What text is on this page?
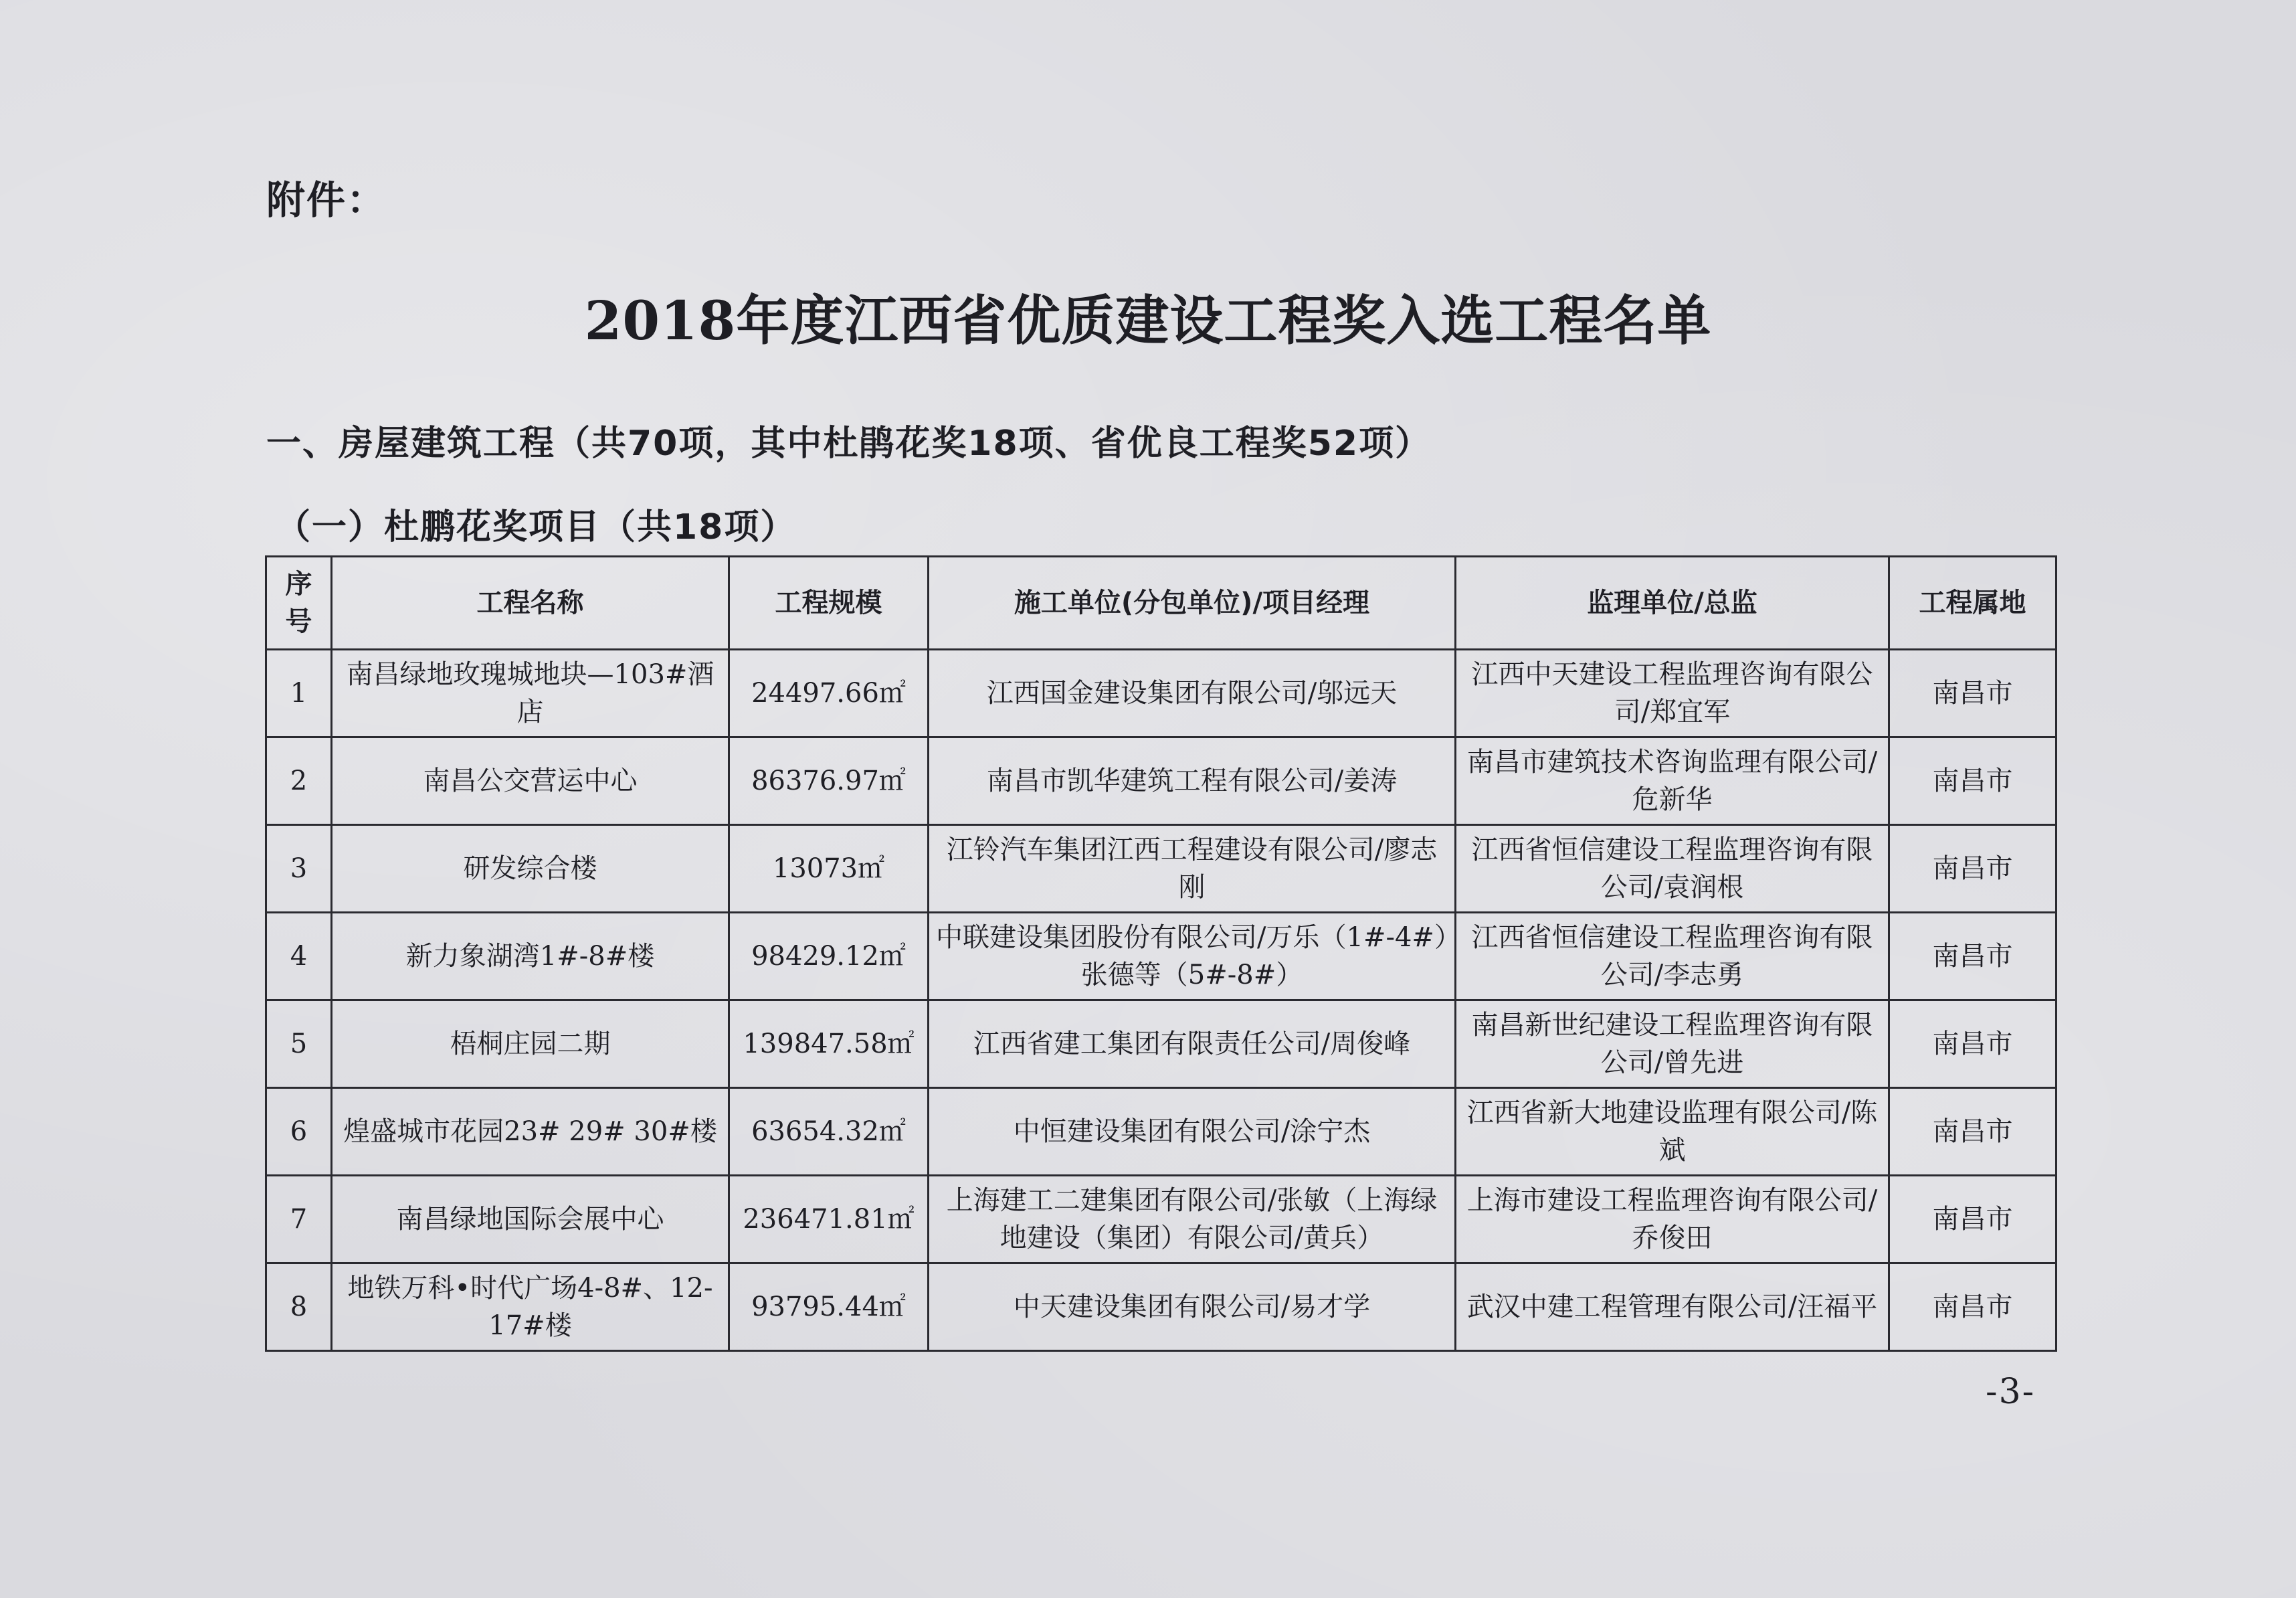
附件：
2018年度江西省优质建设工程奖入选工程名单
一、房屋建筑工程（共70项，其中杜鹃花奖18项、省优良工程奖52项）
（一）杜鹏花奖项目（共18项）
序号	工程名称	工程规模	施工单位(分包单位)/项目经理	监理单位/总监	工程属地
1	南昌绿地玫瑰城地块—103#酒店	24497.66㎡	江西国金建设集团有限公司/邬远天	江西中天建设工程监理咨询有限公司/郑宜军	南昌市
2	南昌公交营运中心	86376.97㎡	南昌市凯华建筑工程有限公司/姜涛	南昌市建筑技术咨询监理有限公司/危新华	南昌市
3	研发综合楼	13073㎡	江铃汽车集团江西工程建设有限公司/廖志刚	江西省恒信建设工程监理咨询有限公司/袁润根	南昌市
4	新力象湖湾1#-8#楼	98429.12㎡	中联建设集团股份有限公司/万乐（1#-4#）张德等（5#-8#）	江西省恒信建设工程监理咨询有限公司/李志勇	南昌市
5	梧桐庄园二期	139847.58㎡	江西省建工集团有限责任公司/周俊峰	南昌新世纪建设工程监理咨询有限公司/曾先进	南昌市
6	煌盛城市花园23# 29# 30#楼	63654.32㎡	中恒建设集团有限公司/涂宁杰	江西省新大地建设监理有限公司/陈斌	南昌市
7	南昌绿地国际会展中心	236471.81㎡	上海建工二建集团有限公司/张敏（上海绿地建设（集团）有限公司/黄兵）	上海市建设工程监理咨询有限公司/乔俊田	南昌市
8	地铁万科•时代广场4-8#、12-17#楼	93795.44㎡	中天建设集团有限公司/易才学	武汉中建工程管理有限公司/汪福平	南昌市
-3-
